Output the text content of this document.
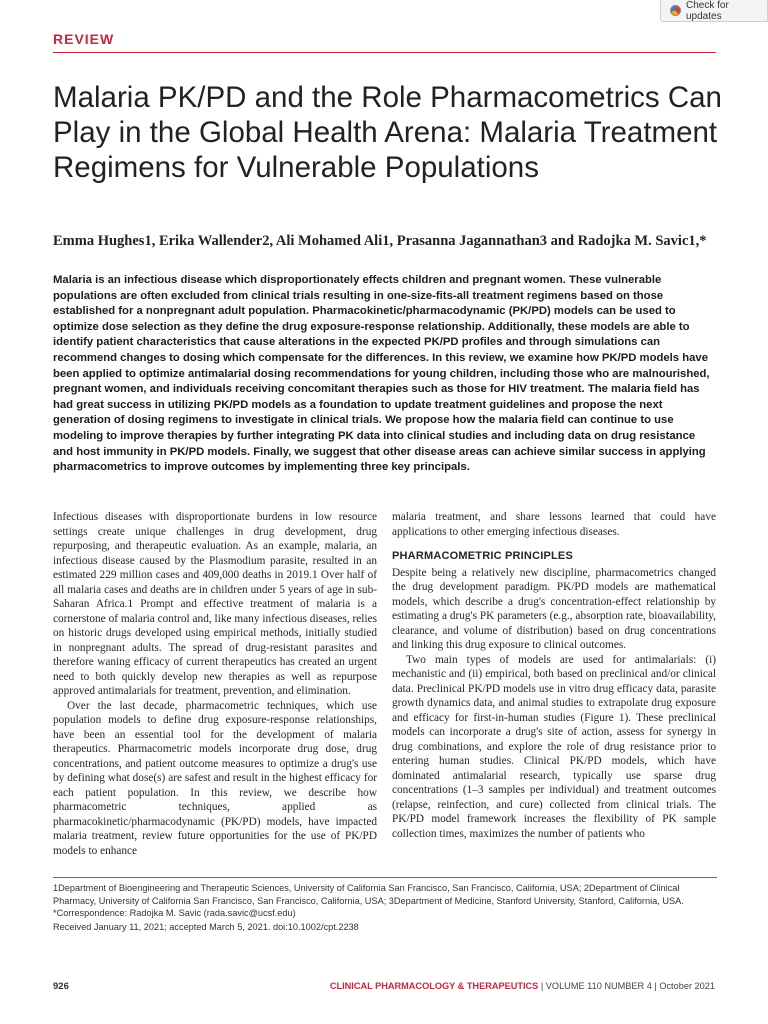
Check for updates
REVIEW
Malaria PK/PD and the Role Pharmacometrics Can Play in the Global Health Arena: Malaria Treatment Regimens for Vulnerable Populations
Emma Hughes1, Erika Wallender2, Ali Mohamed Ali1, Prasanna Jagannathan3 and Radojka M. Savic1,*

Malaria is an infectious disease which disproportionately effects children and pregnant women. These vulnerable populations are often excluded from clinical trials resulting in one-size-fits-all treatment regimens based on those established for a nonpregnant adult population. Pharmacokinetic/pharmacodynamic (PK/PD) models can be used to optimize dose selection as they define the drug exposure-response relationship. Additionally, these models are able to identify patient characteristics that cause alterations in the expected PK/PD profiles and through simulations can recommend changes to dosing which compensate for the differences. In this review, we examine how PK/PD models have been applied to optimize antimalarial dosing recommendations for young children, including those who are malnourished, pregnant women, and individuals receiving concomitant therapies such as those for HIV treatment. The malaria field has had great success in utilizing PK/PD models as a foundation to update treatment guidelines and propose the next generation of dosing regimens to investigate in clinical trials. We propose how the malaria field can continue to use modeling to improve therapies by further integrating PK data into clinical studies and including data on drug resistance and host immunity in PK/PD models. Finally, we suggest that other disease areas can achieve similar success in applying pharmacometrics to improve outcomes by implementing three key principals.

Infectious diseases with disproportionate burdens in low resource settings create unique challenges in drug development, drug repurposing, and therapeutic evaluation. As an example, malaria, an infectious disease caused by the Plasmodium parasite, resulted in an estimated 229 million cases and 409,000 deaths in 2019.1 Over half of all malaria cases and deaths are in children under 5 years of age in sub-Saharan Africa.1 Prompt and effective treatment of malaria is a cornerstone of malaria control and, like many infectious diseases, relies on historic drugs developed using empirical methods, initially studied in nonpregnant adults. The spread of drug-resistant parasites and therefore waning efficacy of current therapeutics has created an urgent need to both quickly develop new therapies as well as repurpose approved antimalarials for treatment, prevention, and elimination.

Over the last decade, pharmacometric techniques, which use population models to define drug exposure-response relationships, have been an essential tool for the development of malaria therapeutics. Pharmacometric models incorporate drug dose, drug concentrations, and patient outcome measures to optimize a drug's use by defining what dose(s) are safest and result in the highest efficacy for each patient population. In this review, we describe how pharmacometric techniques, applied as pharmacokinetic/pharmacodynamic (PK/PD) models, have impacted malaria treatment, review future opportunities for the use of PK/PD models to enhance

malaria treatment, and share lessons learned that could have applications to other emerging infectious diseases.

PHARMACOMETRIC PRINCIPLES

Despite being a relatively new discipline, pharmacometrics changed the drug development paradigm. PK/PD models are mathematical models, which describe a drug's concentration-effect relationship by estimating a drug's PK parameters (e.g., absorption rate, bioavailability, clearance, and volume of distribution) based on drug concentrations and linking this drug exposure to clinical outcomes.

Two main types of models are used for antimalarials: (i) mechanistic and (ii) empirical, both based on preclinical and/or clinical data. Preclinical PK/PD models use in vitro drug efficacy data, parasite growth dynamics data, and animal studies to extrapolate drug exposure and efficacy for first-in-human studies (Figure 1). These preclinical models can incorporate a drug's site of action, assess for synergy in drug combinations, and explore the role of drug resistance prior to entering human studies. Clinical PK/PD models, which have dominated antimalarial research, typically use sparse drug concentrations (1–3 samples per individual) and treatment outcomes (relapse, reinfection, and cure) collected from clinical trials. The PK/PD model framework increases the flexibility of PK sample collection times, maximizes the number of patients who

1Department of Bioengineering and Therapeutic Sciences, University of California San Francisco, San Francisco, California, USA; 2Department of Clinical Pharmacy, University of California San Francisco, San Francisco, California, USA; 3Department of Medicine, Stanford University, Stanford, California, USA. *Correspondence: Radojka M. Savic (rada.savic@ucsf.edu)

Received January 11, 2021; accepted March 5, 2021. doi:10.1002/cpt.2238
926	CLINICAL PHARMACOLOGY & THERAPEUTICS | VOLUME 110 NUMBER 4 | October 2021
